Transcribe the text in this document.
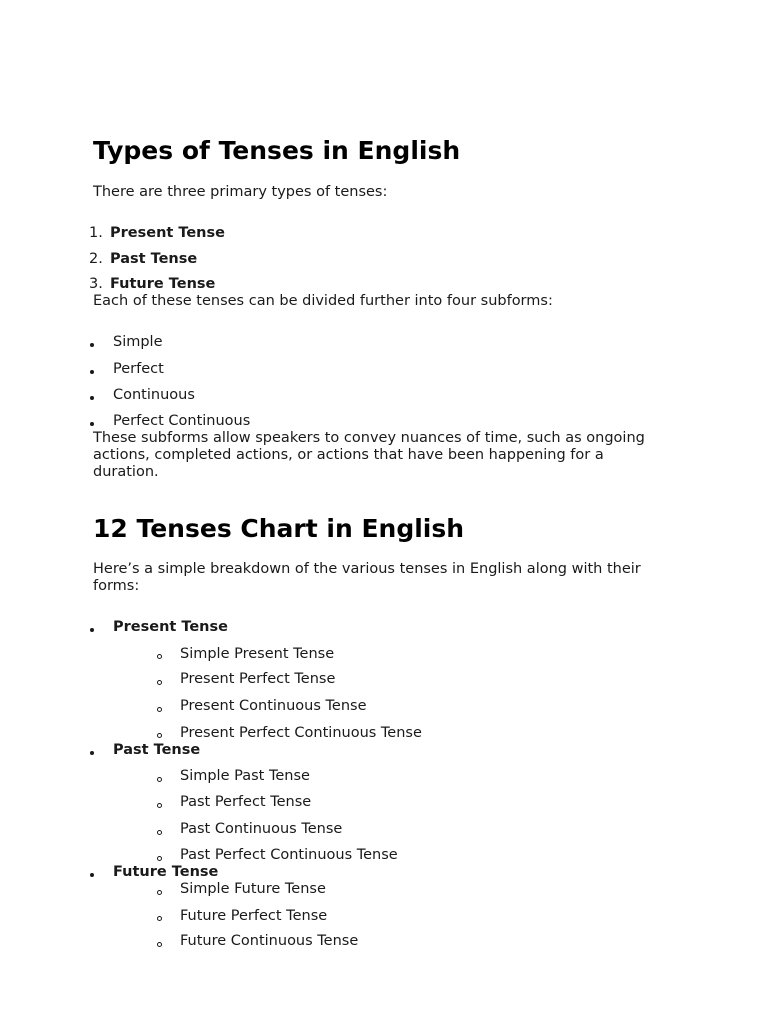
Types of Tenses in English
There are three primary types of tenses:
1. Present Tense
2. Past Tense
3. Future Tense
Each of these tenses can be divided further into four subforms:
Simple
Perfect
Continuous
Perfect Continuous
These subforms allow speakers to convey nuances of time, such as ongoing actions, completed actions, or actions that have been happening for a duration.
12 Tenses Chart in English
Here’s a simple breakdown of the various tenses in English along with their forms:
Present Tense
Simple Present Tense
Present Perfect Tense
Present Continuous Tense
Present Perfect Continuous Tense
Past Tense
Simple Past Tense
Past Perfect Tense
Past Continuous Tense
Past Perfect Continuous Tense
Future Tense
Simple Future Tense
Future Perfect Tense
Future Continuous Tense
